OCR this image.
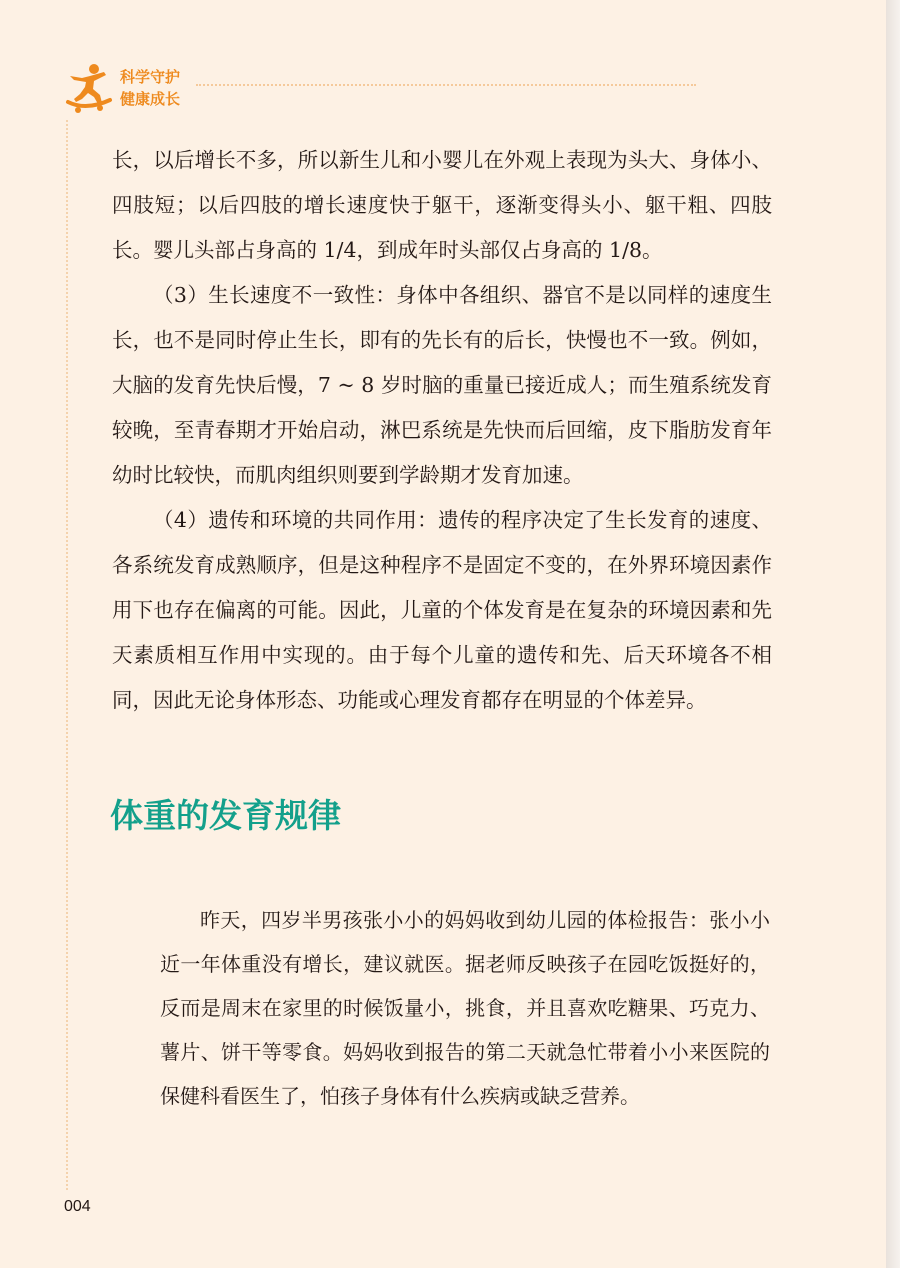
科学守护
健康成长

长，以后增长不多，所以新生儿和小婴儿在外观上表现为头大、身体小、四肢短；以后四肢的增长速度快于躯干，逐渐变得头小、躯干粗、四肢长。婴儿头部占身高的 1/4，到成年时头部仅占身高的 1/8。

（3）生长速度不一致性：身体中各组织、器官不是以同样的速度生长，也不是同时停止生长，即有的先长有的后长，快慢也不一致。例如，大脑的发育先快后慢，7 ~ 8 岁时脑的重量已接近成人；而生殖系统发育较晚，至青春期才开始启动，淋巴系统是先快而后回缩，皮下脂肪发育年幼时比较快，而肌肉组织则要到学龄期才发育加速。

（4）遗传和环境的共同作用：遗传的程序决定了生长发育的速度、各系统发育成熟顺序，但是这种程序不是固定不变的，在外界环境因素作用下也存在偏离的可能。因此，儿童的个体发育是在复杂的环境因素和先天素质相互作用中实现的。由于每个儿童的遗传和先、后天环境各不相同，因此无论身体形态、功能或心理发育都存在明显的个体差异。

体重的发育规律

昨天，四岁半男孩张小小的妈妈收到幼儿园的体检报告：张小小近一年体重没有增长，建议就医。据老师反映孩子在园吃饭挺好的，反而是周末在家里的时候饭量小，挑食，并且喜欢吃糖果、巧克力、薯片、饼干等零食。妈妈收到报告的第二天就急忙带着小小来医院的保健科看医生了，怕孩子身体有什么疾病或缺乏营养。

004
